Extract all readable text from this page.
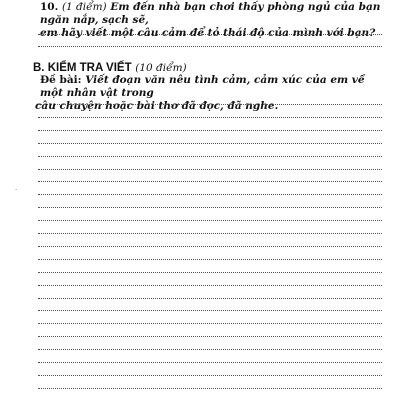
10. (1 điểm) Em đến nhà bạn chơi thấy phòng ngủ của bạn ngăn nắp, sạch sẽ,
em hãy viết một câu cảm để tỏ thái độ của mình với bạn?
B. KIỂM TRA VIẾT (10 điểm)
Đề bài: Viết đoạn văn nêu tình cảm, cảm xúc của em về một nhân vật trong
câu chuyện hoặc bài thơ đã đọc, đã nghe.
·
